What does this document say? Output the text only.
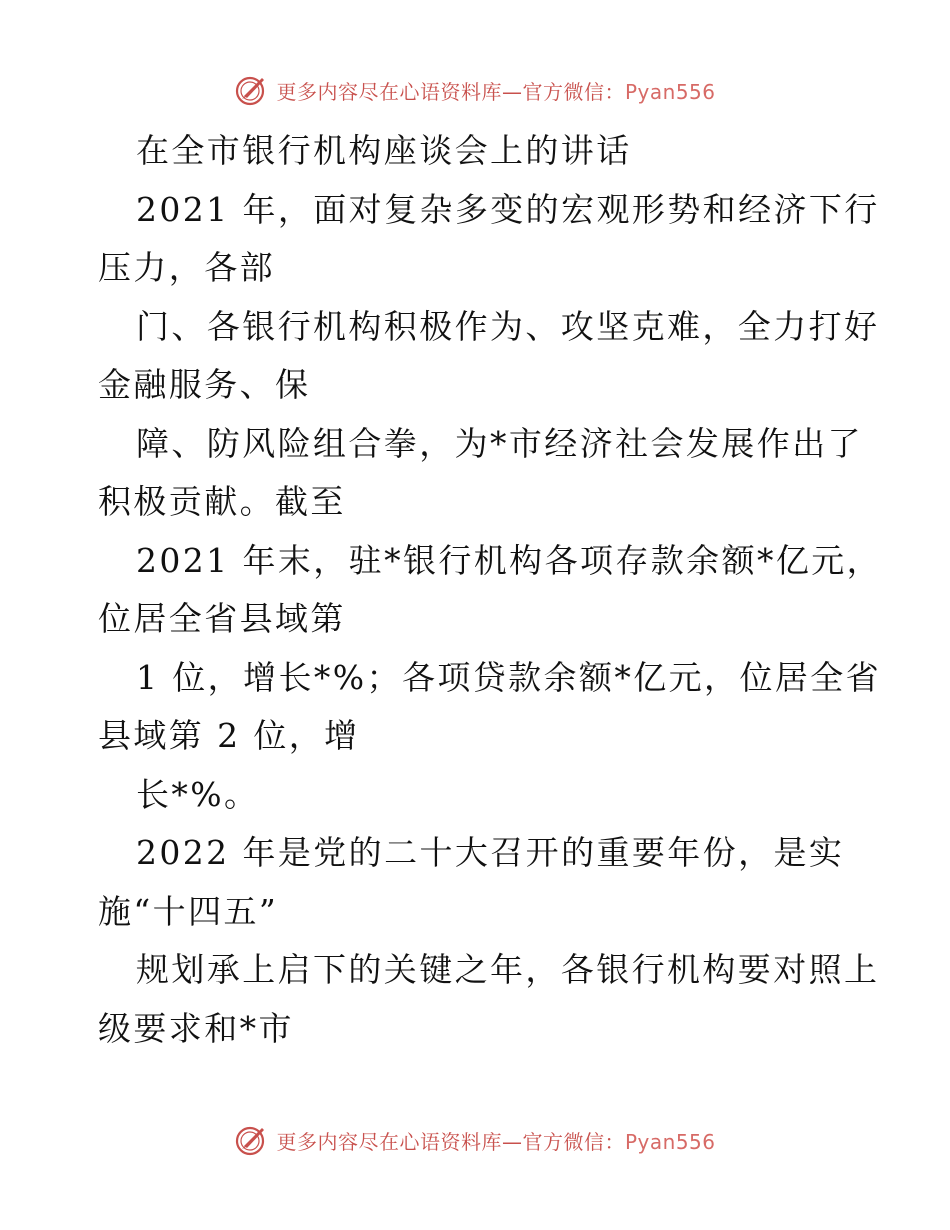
更多内容尽在心语资料库—官方微信：Pyan556
在全市银行机构座谈会上的讲话
2021 年，面对复杂多变的宏观形势和经济下行
压力，各部
门、各银行机构积极作为、攻坚克难，全力打好
金融服务、保
障、防风险组合拳，为*市经济社会发展作出了
积极贡献。截至
2021 年末，驻*银行机构各项存款余额*亿元，
位居全省县域第
1 位，增长*%；各项贷款余额*亿元，位居全省
县域第 2 位，增
长*%。
2022 年是党的二十大召开的重要年份，是实
施“十四五”
规划承上启下的关键之年，各银行机构要对照上
级要求和*市
更多内容尽在心语资料库—官方微信：Pyan556
